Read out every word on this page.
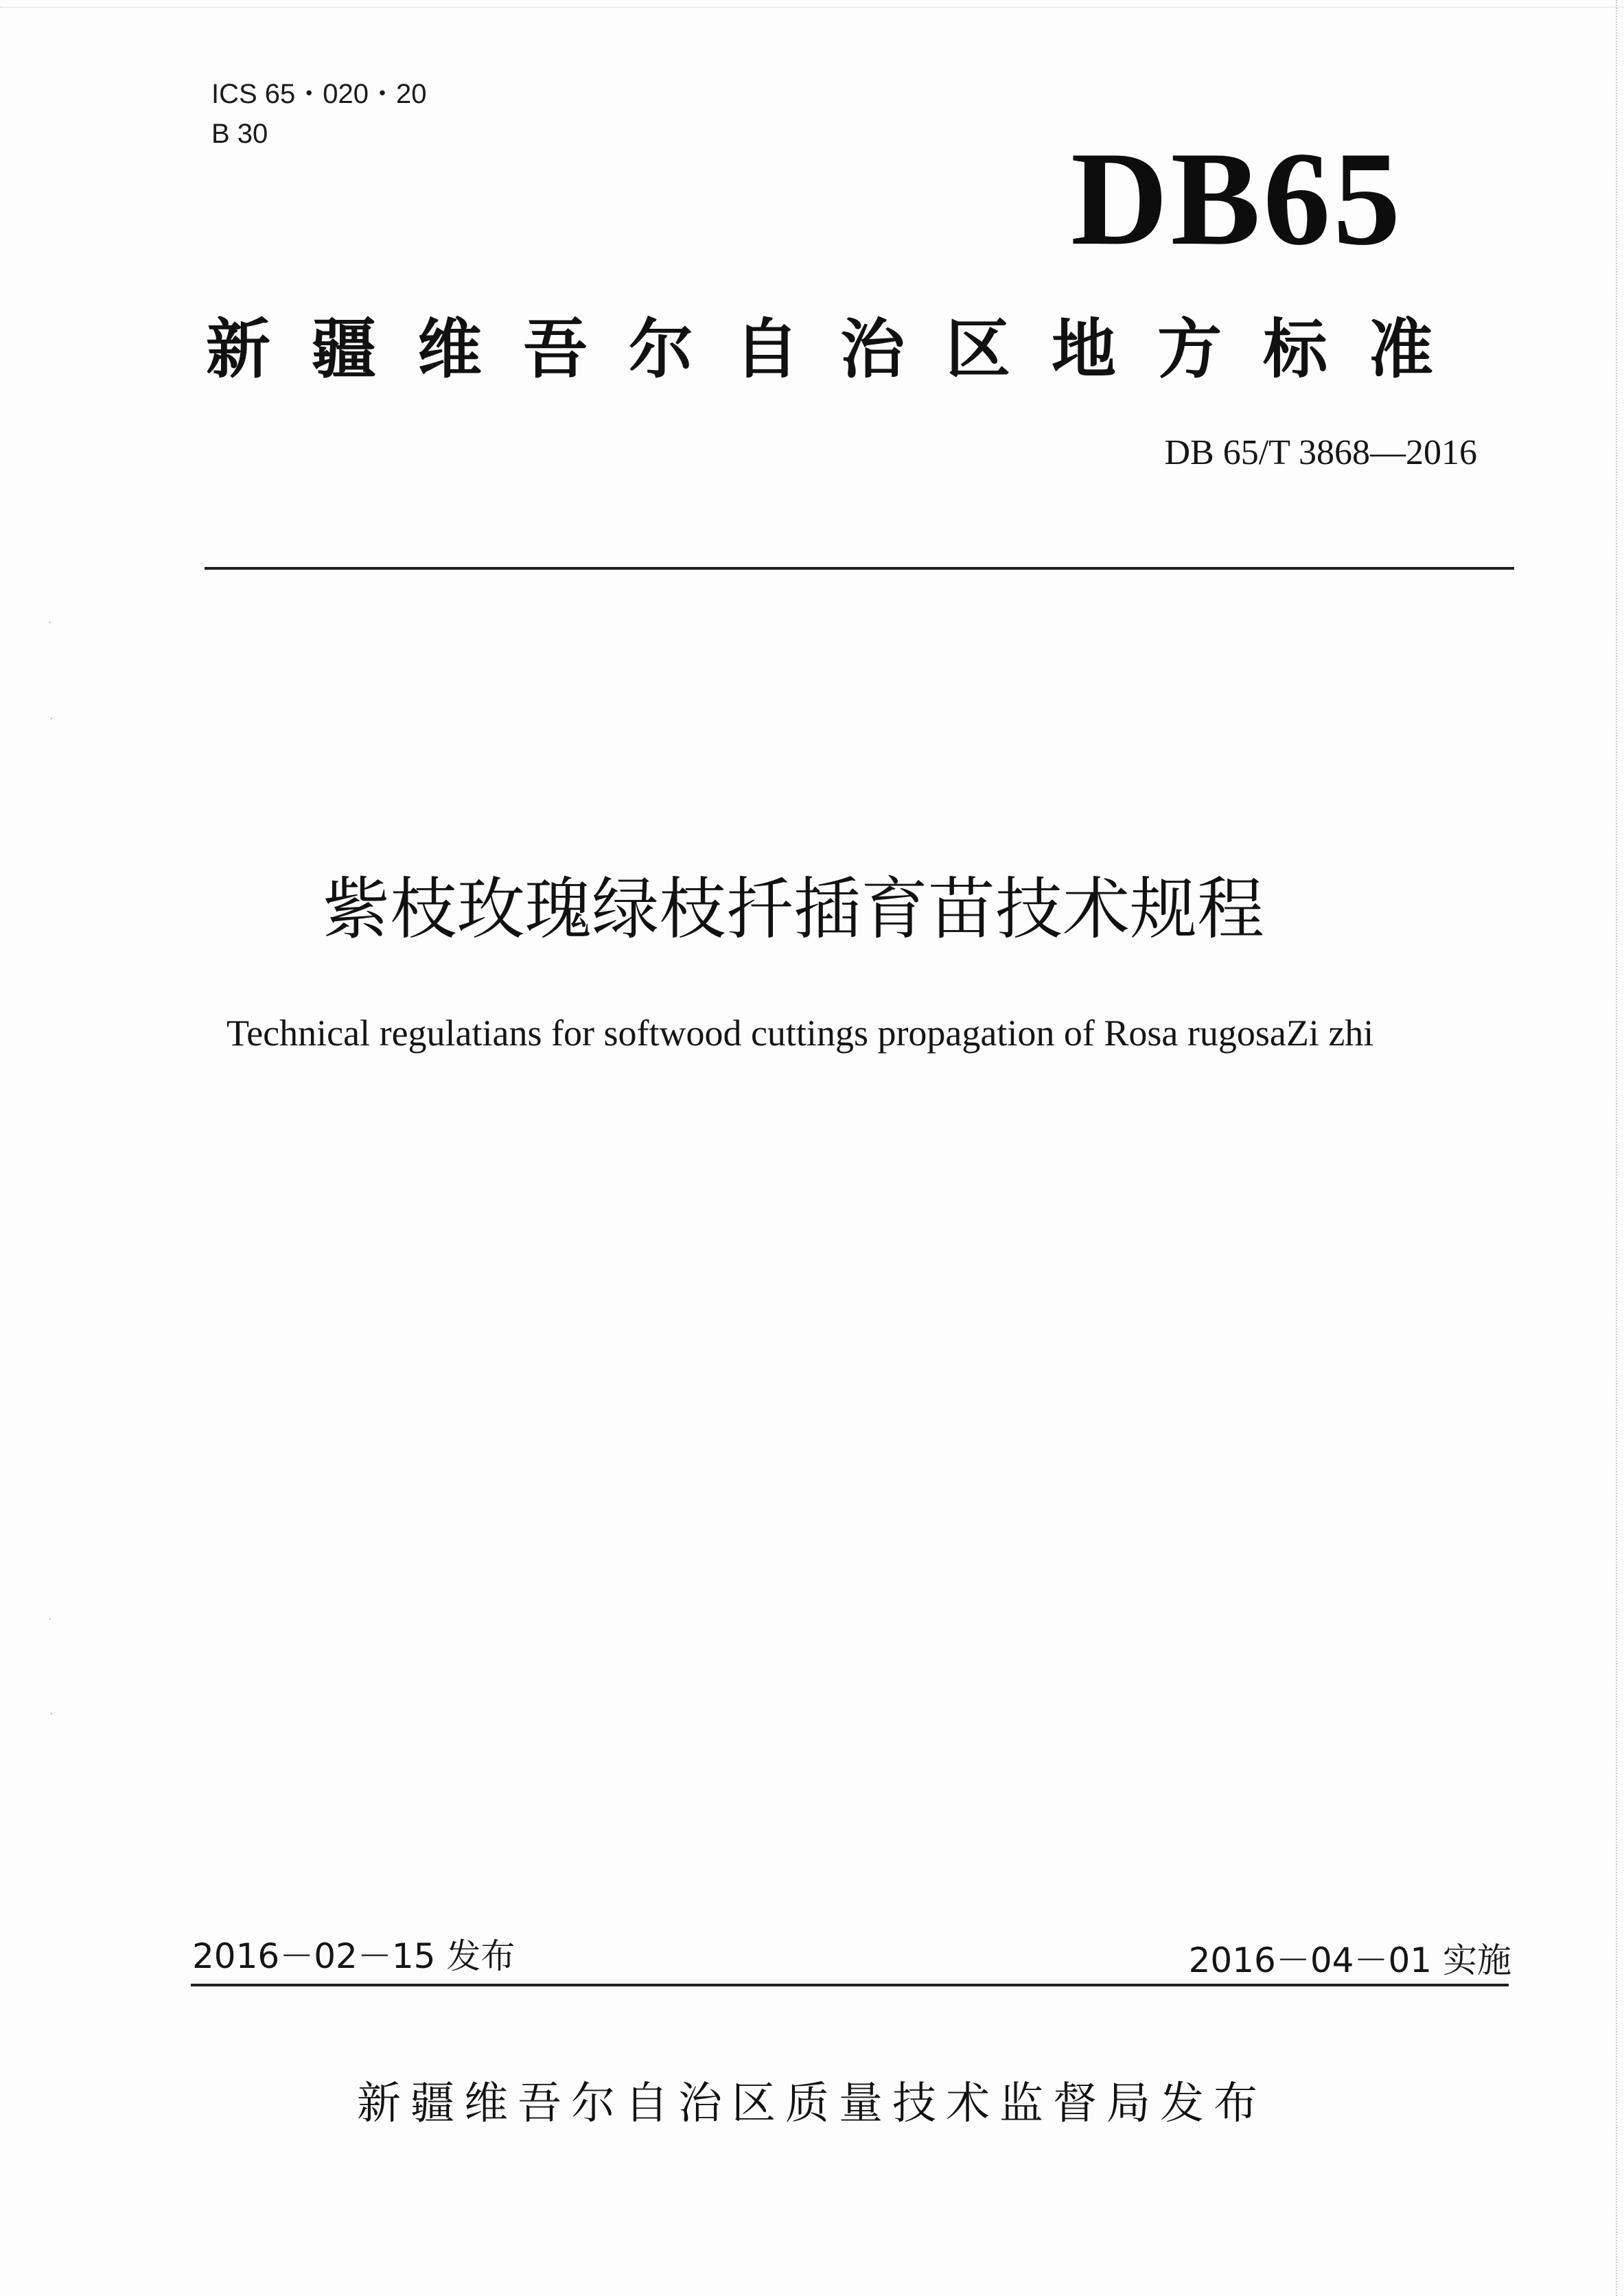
ICS 65・020・20
B 30	DB65
新疆维吾尔自治区地方标准
DB 65/T 3868—2016
紫枝玫瑰绿枝扦插育苗技术规程
Technical regulatians for softwood cuttings propagation of Rosa rugosaZi zhi
2016－02－15 发布	2016－04－01 实施
新疆维吾尔自治区质量技术监督局发布
·
·
·
·
